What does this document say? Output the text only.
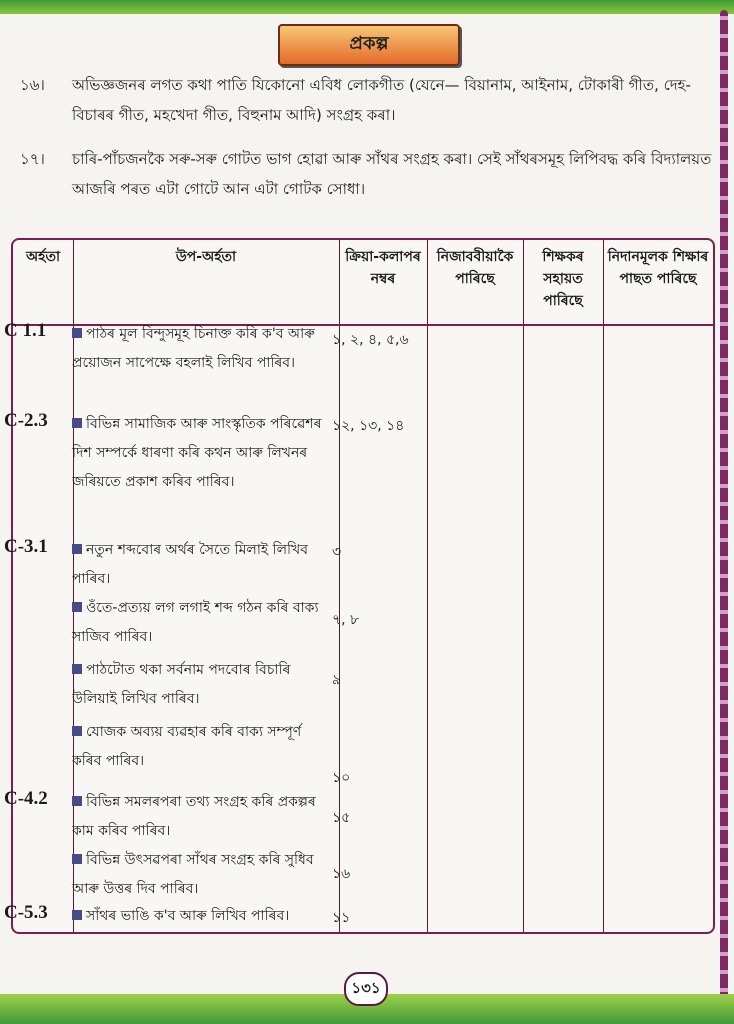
প্ৰকল্প
১৬। অভিজ্ঞজনৰ লগত কথা পাতি যিকোনো এবিধ লোকগীত (যেনে— বিয়ানাম, আইনাম, টোকাৰী গীত, দেহ-বিচাৰৰ গীত, মহখেদা গীত, বিহুনাম আদি) সংগ্ৰহ কৰা।
১৭। চাৰি-পাঁচজনকৈ সৰু-সৰু গোটত ভাগ হোৱা আৰু সাঁথৰ সংগ্ৰহ কৰা। সেই সাঁথৰসমূহ লিপিবদ্ধ কৰি বিদ্যালয়ত আজৰি পৰত এটা গোটে আন এটা গোটক সোধা।
অৰ্হতা	উপ-অৰ্হতা	ক্ৰিয়া-কলাপৰ নম্বৰ
নিজাববীয়াকৈ পাৰিছে
শিক্ষকৰ সহায়ত পাৰিছে
নিদানমূলক শিক্ষাৰ পাছত পাৰিছে
C 1.1
C-2.3
C-3.1
C-4.2
C-5.3
পাঠৰ মূল বিন্দুসমূহ চিনাক্ত কৰি ক'ব আৰু প্ৰয়োজন সাপেক্ষে বহলাই লিখিব পাৰিব।
বিভিন্ন সামাজিক আৰু সাংস্কৃতিক পৰিৱেশৰ দিশ সম্পৰ্কে ধাৰণা কৰি কথন আৰু লিখনৰ জৰিয়তে প্ৰকাশ কৰিব পাৰিব।
নতুন শব্দবোৰ অৰ্থৰ সৈতে মিলাই লিখিব পাৰিব।
ওঁতে-প্ৰত্যয় লগ লগাই শব্দ গঠন কৰি বাক্য সাজিব পাৰিব।
পাঠটোত থকা সৰ্বনাম পদবোৰ বিচাৰি উলিয়াই লিখিব পাৰিব।
যোজক অব্যয় ব্যৱহাৰ কৰি বাক্য সম্পূৰ্ণ কৰিব পাৰিব।
বিভিন্ন সমলৰপৰা তথ্য সংগ্ৰহ কৰি প্ৰকল্পৰ কাম কৰিব পাৰিব।
বিভিন্ন উৎসৱপৰা সাঁথৰ সংগ্ৰহ কৰি সুধিব আৰু উত্তৰ দিব পাৰিব।
সাঁথৰ ভাঙি ক'ব আৰু লিখিব পাৰিব।
১, ২, ৪, ৫,৬
১২, ১৩, ১৪
৩
৭, ৮
৯
১০
১৫
১৬
১১
১৩১
